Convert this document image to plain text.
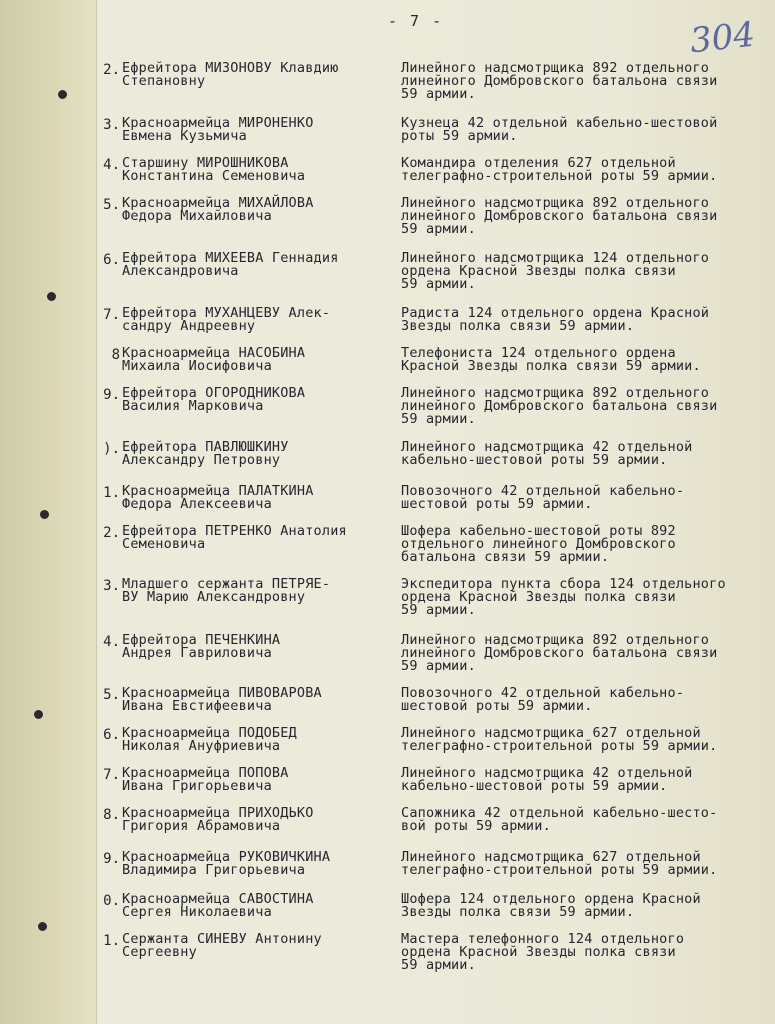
- 7 -	304
2. Ефрейтора МИЗОНОВУ Клавдию
Степановну
Линейного надсмотрщика 892 отдельного
линейного Домбровского батальона связи
59 армии.
3. Красноармейца МИРОНЕНКО
Евмена Кузьмича
Кузнеца 42 отдельной кабельно-шестовой
роты 59 армии.
4. Старшину МИРОШНИКОВА
Константина Семеновича
Командира отделения 627 отдельной
телеграфно-строительной роты 59 армии.
5. Красноармейца МИХАЙЛОВА
Федора Михайловича
Линейного надсмотрщика 892 отдельного
линейного Домбровского батальона связи
59 армии.
6. Ефрейтора МИХЕЕВА Геннадия
Александровича
Линейного надсмотрщика 124 отдельного
ордена Красной Звезды полка связи
59 армии.
7. Ефрейтора МУХАНЦЕВУ Алек-
сандру Андреевну
Радиста 124 отдельного ордена Красной
Звезды полка связи 59 армии.
8 Красноармейца НАСОБИНА
Михаила Иосифовича
Телефониста 124 отдельного ордена
Красной Звезды полка связи 59 армии.
9. Ефрейтора ОГОРОДНИКОВА
Василия Марковича
Линейного надсмотрщика 892 отдельного
линейного Домбровского батальона связи
59 армии.
). Ефрейтора ПАВЛЮШКИНУ
Александру Петровну
Линейного надсмотрщика 42 отдельной
кабельно-шестовой роты 59 армии.
1. Красноармейца ПАЛАТКИНА
Федора Алексеевича
Повозочного 42 отдельной кабельно-
шестовой роты 59 армии.
2. Ефрейтора ПЕТРЕНКО Анатолия
Семеновича
Шофера кабельно-шестовой роты 892
отдельного линейного Домбровского
батальона связи 59 армии.
3. Младшего сержанта ПЕТРЯЕ-
ВУ Марию Александровну
Экспедитора пункта сбора 124 отдельного
ордена Красной Звезды полка связи
59 армии.
4. Ефрейтора ПЕЧЕНКИНА
Андрея Гавриловича
Линейного надсмотрщика 892 отдельного
линейного Домбровского батальона связи
59 армии.
5. Красноармейца ПИВОВАРОВА
Ивана Евстифеевича
Повозочного 42 отдельной кабельно-
шестовой роты 59 армии.
6. Красноармейца ПОДОБЕД
Николая Ануфриевича
Линейного надсмотрщика 627 отдельной
телеграфно-строительной роты 59 армии.
7. Красноармейца ПОПОВА
Ивана Григорьевича
Линейного надсмотрщика 42 отдельной
кабельно-шестовой роты 59 армии.
8. Красноармейца ПРИХОДЬКО
Григория Абрамовича
Сапожника 42 отдельной кабельно-шесто-
вой роты 59 армии.
9. Красноармейца РУКОВИЧКИНА
Владимира Григорьевича
Линейного надсмотрщика 627 отдельной
телеграфно-строительной роты 59 армии.
0. Красноармейца САВОСТИНА
Сергея Николаевича
Шофера 124 отдельного ордена Красной
Звезды полка связи 59 армии.
1. Сержанта СИНЕВУ Антонину
Сергеевну
Мастера телефонного 124 отдельного
ордена Красной Звезды полка связи
59 армии.
